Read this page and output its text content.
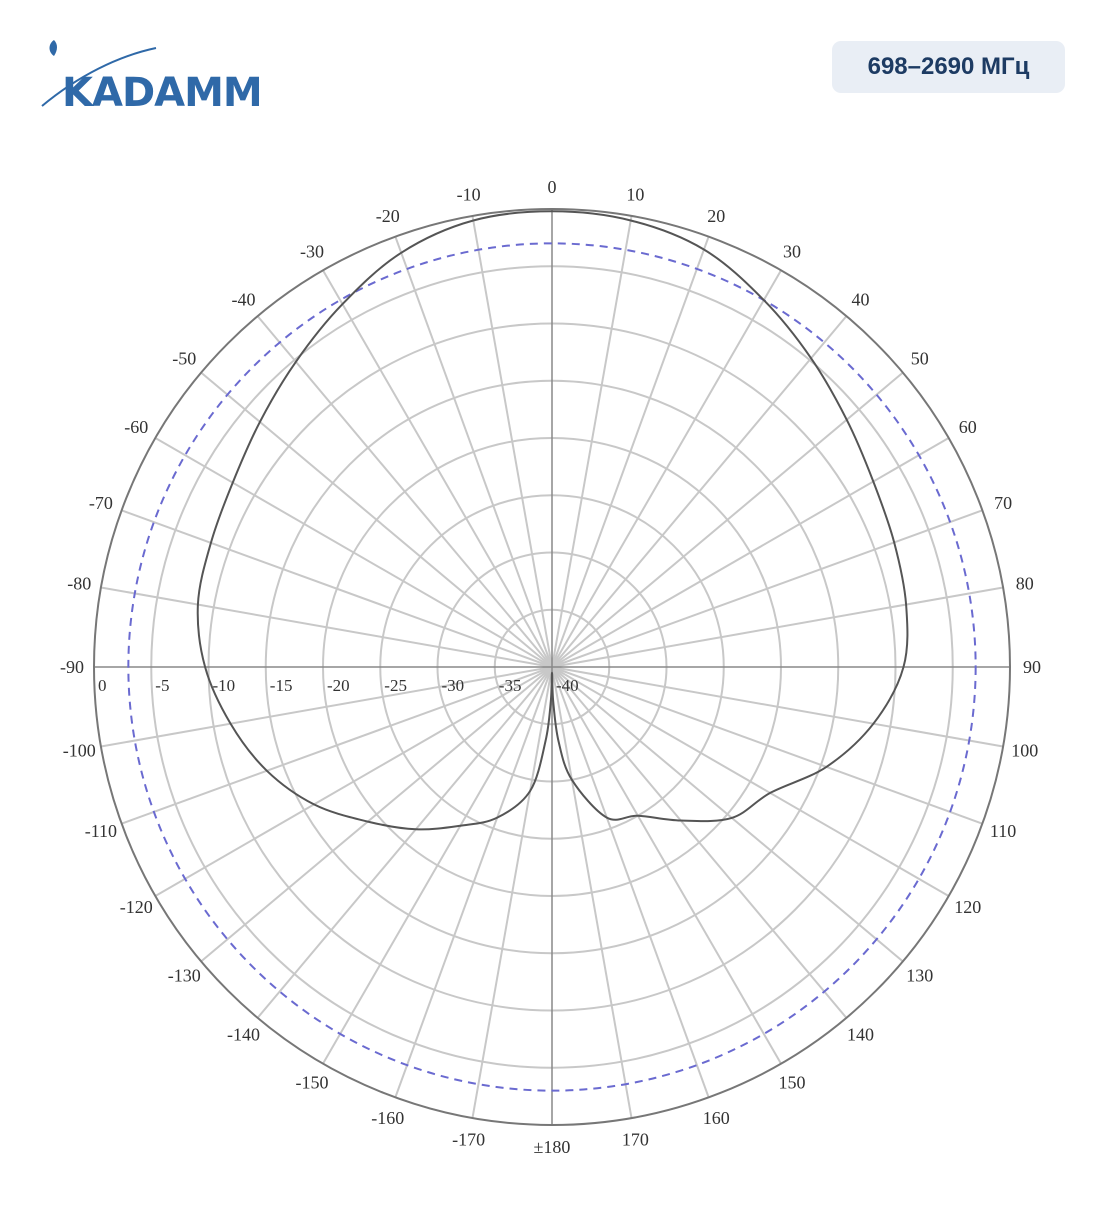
KADAMM
698–2690 МГц
0	10
20
30
40
50
60
70
80
90
100
110
120
130
140
150
160
170
±180
-170
-160
-150
-140
-130
-120
-110
-100
-90
-80
-70
-60
-50
-40
-30
-20
-10
0	-5	-10 -15 -20 -25 -30 -35 -40
